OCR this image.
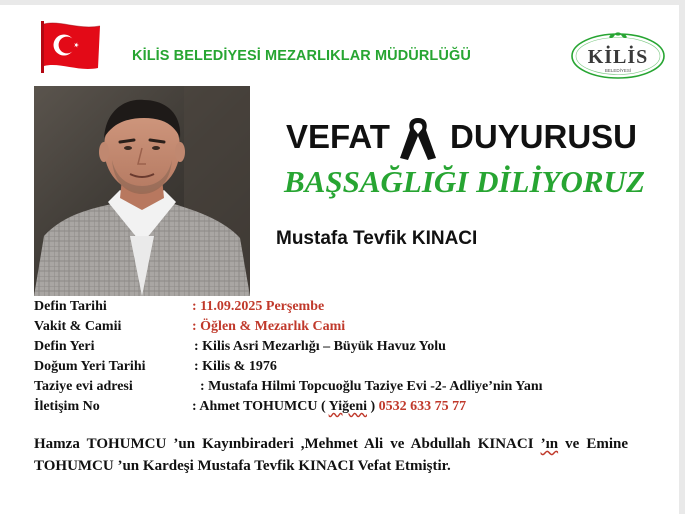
KİLİS BELEDİYESİ MEZARLIKLAR MÜDÜRLÜĞÜ	KİLİS
BELEDİYESİ
VEFAT DUYURUSU
BAŞSAĞLIĞI DİLİYORUZ
Mustafa Tevfik KINACI
Defin Tarihi	: 11.09.2025 Perşembe
Vakit & Camii	: Öğlen & Mezarlık Cami
Defin Yeri	: Kilis Asri Mezarlığı – Büyük Havuz Yolu
Doğum Yeri Tarihi	: Kilis & 1976
Taziye evi adresi	: Mustafa Hilmi Topcuoğlu Taziye Evi -2- Adliye’nin Yanı
İletişim No	: Ahmet TOHUMCU ( Yiğeni ) 0532 633 75 77
Hamza TOHUMCU ’un Kayınbiraderi ,Mehmet Ali ve Abdullah KINACI ’ın ve Emine TOHUMCU ’un Kardeşi Mustafa Tevfik KINACI Vefat Etmiştir.
